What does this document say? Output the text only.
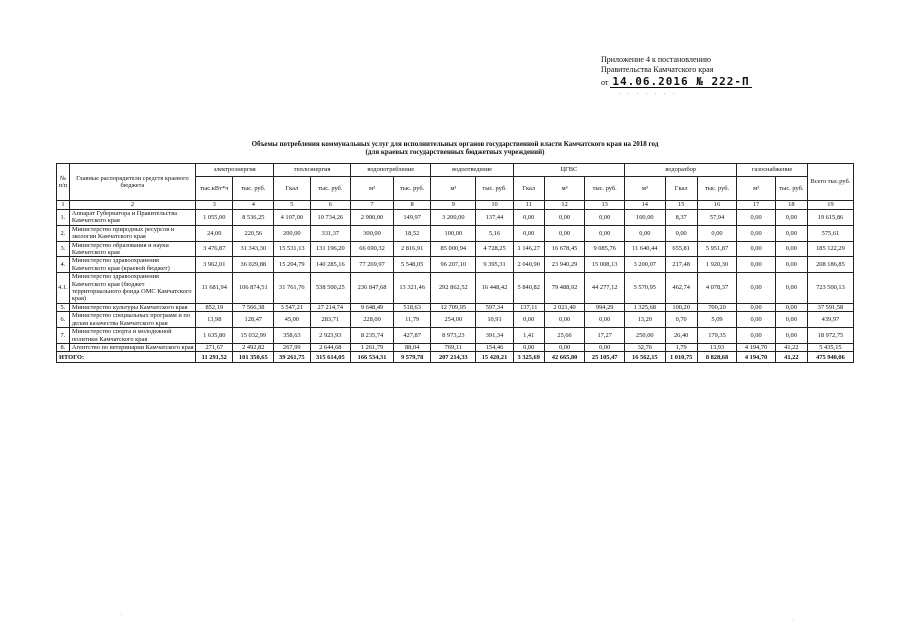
Приложение 4 к постановлению
Правительства Камчатского края
от 14.06.2016 № 222-П
. . . . . . .
Объемы потребления коммунальных услуг для исполнительных органов государственной власти Камчатского края на 2018 год
(для краевых государственных бюджетных учреждений)
№ п/п	Главные распорядители средств краевого бюджета	электроэнергия		теплоэнергия		водопотребление		водоотведение		ЦГВС			водоразбор			газоснабжение		Всего тыс.руб.
		тыс.кВт*ч	тыс. руб.	Гкал	тыс. руб.	м³	тыс. руб.	м³	тыс. руб.	Гкал	м³	тыс. руб.	м³	Гкал	тыс. руб.	м³	тыс. руб.	
1	2	3	4	5	6	7	8	9	10	11	12	13	14	15	16	17	18	19
1.	Аппарат Губернатора и Правительства Камчатского края	1 055,00	8 536,25	4 107,00	10 734,26	2 900,00	149,97	3 200,00	137,44	0,00	0,00	0,00	100,00	8,37	57,94	0,00	0,00	19 615,86
2.	Министерство природных ресурсов и экологии Камчатского края	24,00	220,56	200,00	331,37	300,00	18,52	100,00	5,16	0,00	0,00	0,00	0,00	0,00	0,00	0,00	0,00	575,61
3.	Министерство образования и науки Камчатского края	3 476,87	31 343,30	15 531,13	131 196,20	66 690,32	2 816,91	85 000,94	4 728,25	1 146,27	16 678,45	9 085,76	11 640,44	655,81	5 951,87	0,00	0,00	185 122,29
4.	Министерство здравоохранения Камчатского края (краевой бюджет)	3 962,01	36 029,88	15 204,79	140 285,16	77 269,97	5 548,05	96 207,10	9 395,31	2 040,90	23 940,29	15 008,13	3 200,07	217,48	1 920,30	0,00	0,00	208 186,85
4.1.	Министерство здравоохранения Камчатского края (бюджет территориального фонда ОМС Камчатского края)	11 681,94	106 874,51	31 761,76	538 500,25	236 847,68	13 321,46	292 862,52	16 448,42	5 840,82	79 488,92	44 277,12	5 570,95	462,74	4 078,37	0,00	0,00	723 500,13
5.	Министерство культуры Камчатского края	852,19	7 566,38	3 547,21	27 214,74	9 648,49	518,63	12 709,95	597,34	137,11	2 021,40	994,29	1 325,68	100,20	700,20	0,00	0,00	37 591,58
6.	Министерство специальных программ и по делам казачества Камчатского края	13,98	128,47	45,00	283,71	228,00	11,79	254,00	10,91	0,00	0,00	0,00	13,20	0,70	5,09	0,00	0,00	439,97
7.	Министерство спорта и молодежной политики Камчатского края	1 635,80	15 032,99	358,63	2 923,93	8 235,74	427,87	8 973,23	391,34	1,41	25,66	17,27	250,00	26,40	179,35	0,00	0,00	18 972,75
8.	Агентство по ветеринарии Камчатского края	271,67	2 492,82	267,99	2 644,68	1 261,79	88,04	769,11	154,46	0,00	0,00	0,00	32,76	1,79	13,93	4 194,70	41,22	5 435,15
ИТОГО:		11 291,52	101 350,65	39 261,75	315 614,05	166 534,31	9 579,78	207 214,33	15 420,21	3 325,69	42 665,80	25 105,47	16 562,15	1 010,75	8 828,68	4 194,70	41,22	475 940,06
·
·
